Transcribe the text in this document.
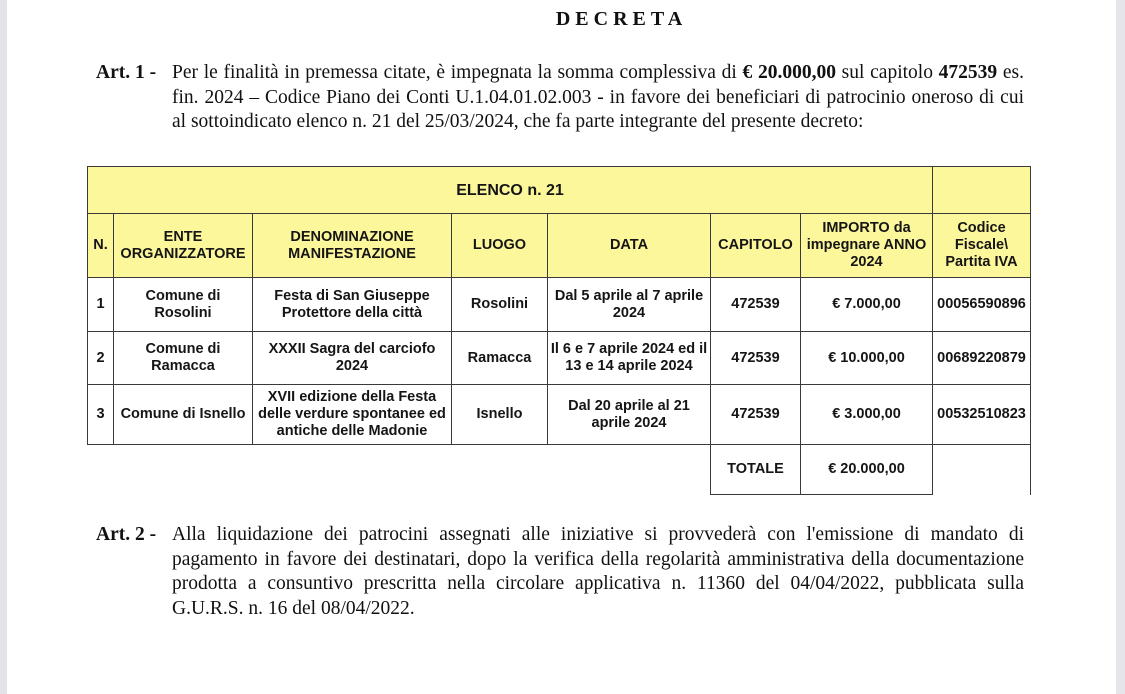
DECRETA
Art. 1 - Per le finalità in premessa citate, è impegnata la somma complessiva di € 20.000,00 sul capitolo 472539 es. fin. 2024 – Codice Piano dei Conti U.1.04.01.02.003 - in favore dei beneficiari di patrocinio oneroso di cui al sottoindicato elenco n. 21 del 25/03/2024, che fa parte integrante del presente decreto:
ELENCO n. 21							
N.	ENTE ORGANIZZATORE	DENOMINAZIONE MANIFESTAZIONE	LUOGO	DATA	CAPITOLO	IMPORTO da impegnare ANNO 2024	Codice Fiscale\ Partita IVA
1	Comune di Rosolini	Festa di San Giuseppe Protettore della città	Rosolini	Dal 5 aprile al 7 aprile 2024	472539	€ 7.000,00	00056590896
2	Comune di Ramacca	XXXII Sagra del carciofo 2024	Ramacca	Il 6 e 7 aprile 2024 ed il 13 e 14 aprile 2024	472539	€ 10.000,00	00689220879
3	Comune di Isnello	XVII edizione della Festa delle verdure spontanee ed antiche delle Madonie	Isnello	Dal 20 aprile al 21 aprile 2024	472539	€ 3.000,00	00532510823
					TOTALE	€ 20.000,00	
Art. 2 - Alla liquidazione dei patrocini assegnati alle iniziative si provvederà con l'emissione di mandato di pagamento in favore dei destinatari, dopo la verifica della regolarità amministrativa della documentazione prodotta a consuntivo prescritta nella circolare applicativa n. 11360 del 04/04/2022, pubblicata sulla G.U.R.S. n. 16 del 08/04/2022.
